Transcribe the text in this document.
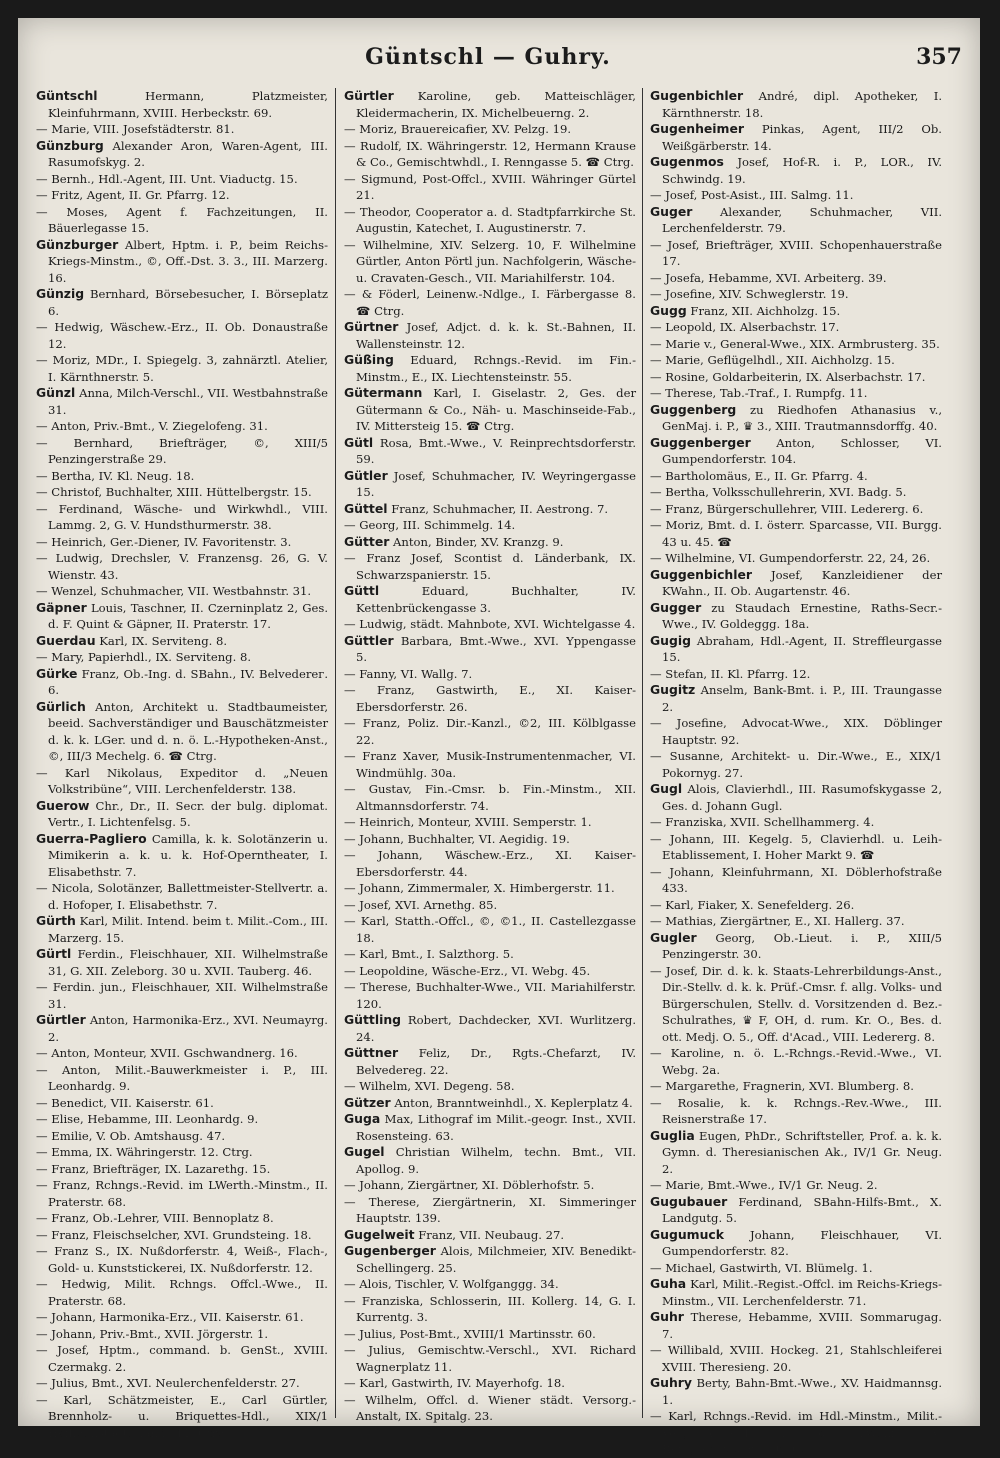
Güntschl — Guhry.	357

Güntschl	Hermann, Platzmeister, Kleinfuhrmann, XVIII. Herbeckstr. 69.

— Marie, VIII. Josefstädterstr. 81.

Günzburg Alexander Aron, Waren-Agent, III. Rasumofskyg. 2.

— Bernh., Hdl.-Agent, III. Unt. Viaductg. 15.

— Fritz, Agent, II. Gr. Pfarrg. 12.

— Moses, Agent f. Fachzeitungen, II. Bäuerlegasse 15.

Günzburger Albert, Hptm. i. P., beim Reichs-Kriegs-Minstm., ©, Off.-Dst. 3. 3., III. Marzerg. 16.

Günzig Bernhard, Börsebesucher, I. Börseplatz 6.

— Hedwig, Wäschew.-Erz., II. Ob. Donaustraße 12.

— Moriz, MDr., I. Spiegelg. 3, zahnärztl. Atelier, I. Kärnthnerstr. 5.

Günzl Anna, Milch-Verschl., VII. Westbahnstraße 31.

— Anton, Priv.-Bmt., V. Ziegelofeng. 31.

— Bernhard, Briefträger, ©, XIII/5 Penzingerstraße 29.

— Bertha, IV. Kl. Neug. 18.

— Christof, Buchhalter, XIII. Hüttelbergstr. 15.

— Ferdinand, Wäsche- und Wirkwhdl., VIII. Lammg. 2, G. V. Hundsthurmerstr. 38.

— Heinrich, Ger.-Diener, IV. Favoritenstr. 3.

— Ludwig, Drechsler, V. Franzensg. 26, G. V. Wienstr. 43.

— Wenzel, Schuhmacher, VII. Westbahnstr. 31.

Gäpner Louis, Taschner, II. Czerninplatz 2, Ges. d. F. Quint & Gäpner, II. Praterstr. 17.

Guerdau Karl, IX. Serviteng. 8.

— Mary, Papierhdl., IX. Serviteng. 8.

Gürke Franz, Ob.-Ing. d. SBahn., IV. Belvederег. 6.

Gürlich Anton, Architekt u. Stadtbaumeister, beeid. Sachverständiger und Bauschätzmeister d. k. k. LGer. und d. n. ö. L.-Hypotheken-Anst., ©, III/3 Mechelg. 6. ☎ Ctrg.

— Karl Nikolaus, Expeditor d. „Neuen Volkstribüne“, VIII. Lerchenfelderstr. 138.

Guerow Chr., Dr., II. Secr. der bulg. diplomat. Vertr., I. Lichtenfelsg. 5.

Guerra-Pagliero Camilla, k. k. Solotänzerin u. Mimikerin a. k. u. k. Hof-Operntheater, I. Elisabethstr. 7.

— Nicola, Solotänzer, Ballettmeister-Stellvertr. a. d. Hofoper, I. Elisabethstr. 7.

Gürth Karl, Milit. Intend. beim t. Milit.-Com., III. Marzerg. 15.

Gürtl Ferdin., Fleischhauer, XII. Wilhelmstraße 31, G. XII. Zeleborg. 30 u. XVII. Tauberg. 46.

— Ferdin. jun., Fleischhauer, XII. Wilhelmstraße 31.

Gürtler Anton, Harmonika-Erz., XVI. Neumayrg. 2.

— Anton, Monteur, XVII. Gschwandnerg. 16.

— Anton, Milit.-Bauwerkmeister i. P., III. Leonhardg. 9.

— Benedict, VII. Kaiserstr. 61.

— Elise, Hebamme, III. Leonhardg. 9.

— Emilie, V. Ob. Amtshausg. 47.

— Emma, IX. Währingerstr. 12. Ctrg.

— Franz, Briefträger, IX. Lazarethg. 15.

— Franz, Rchngs.-Revid. im LWerth.-Minstm., II. Praterstr. 68.

— Franz, Ob.-Lehrer, VIII. Bennoplatz 8.

— Franz, Fleischselcher, XVI. Grundsteing. 18.

— Franz S., IX. Nußdorferstr. 4, Weiß-, Flach-, Gold- u. Kunststickerei, IX. Nußdorferstr. 12.

— Hedwig, Milit. Rchngs. Offcl.-Wwe., II. Praterstr. 68.

— Johann, Harmonika-Erz., VII. Kaiserstr. 61.

— Johann, Priv.-Bmt., XVII. Jörgerstr. 1.

— Josef, Hptm., command. b. GenSt., XVIII. Czermakg. 2.

— Julius, Bmt., XVI. Neulerchenfelderstr. 27.

— Karl, Schätzmeister, E., Carl Gürtler, Brennholz- u. Briquettes-Hdl., XIX/1 Heiligenstädterlände 11. Ctrg.

Gürtler Karoline, geb. Matteischläger, Kleidermacherin, IX. Michelbeuerng. 2.

— Moriz, Brauereicafier, XV. Pelzg. 19.

— Rudolf, IX. Währingerstr. 12, Hermann Krause & Co., Gemischtwhdl., I. Renngasse 5. ☎ Ctrg.

— Sigmund, Post-Offcl., XVIII. Währinger Gürtel 21.

— Theodor, Cooperator a. d. Stadtpfarrkirche St. Augustin, Katechet, I. Augustinerstr. 7.

— Wilhelmine, XIV. Selzerg. 10, F. Wilhelmine Gürtler, Anton Pörtl jun. Nachfolgerin, Wäsche- u. Cravaten-Gesch., VII. Mariahilferstr. 104.

— & Föderl, Leinenw.-Ndlge., I. Färbergasse 8. ☎ Ctrg.

Gürtner Josef, Adjct. d. k. k. St.-Bahnen, II. Wallensteinstr. 12.

Güßing Eduard, Rchngs.-Revid. im Fin.-Minstm., E., IX. Liechtensteinstr. 55.

Gütermann Karl, I. Giselastr. 2, Ges. der Gütermann & Co., Näh- u. Maschinseide-Fab., IV. Mittersteig 15. ☎ Ctrg.

Gütl Rosa, Bmt.-Wwe., V. Reinprechtsdorferstr. 59.

Gütler Josef, Schuhmacher, IV. Weyringergasse 15.

Güttel Franz, Schuhmacher, II. Aestrong. 7.

— Georg, III. Schimmelg. 14.

Gütter Anton, Binder, XV. Kranzg. 9.

— Franz Josef, Scontist d. Länderbank, IX. Schwarzspanierstr. 15.

Güttl	Eduard, Buchhalter, IV. Kettenbrückengasse 3.

— Ludwig, städt. Mahnbote, XVI. Wichtelgasse 4.

Güttler Barbara, Bmt.-Wwe., XVI. Yppengasse 5.

— Fanny, VI. Wallg. 7.

— Franz, Gastwirth, E., XI. Kaiser-Ebersdorferstr. 26.

— Franz, Poliz. Dir.-Kanzl., ©2, III. Kölblgasse 22.

— Franz Xaver, Musik-Instrumentenmacher, VI. Windmühlg. 30a.

— Gustav, Fin.-Cmsr. b. Fin.-Minstm., XII. Altmannsdorferstr. 74.

— Heinrich, Monteur, XVIII. Semperstr. 1.

— Johann, Buchhalter, VI. Aegidig. 19.

— Johann, Wäschew.-Erz., XI. Kaiser-Ebersdorferstr. 44.

— Johann, Zimmermaler, X. Himbergerstr. 11.

— Josef, XVI. Arnethg. 85.

— Karl, Statth.-Offcl., ©, ©1., II. Castellezgasse 18.

— Karl, Bmt., I. Salzthorg. 5.

— Leopoldine, Wäsche-Erz., VI. Webg. 45.

— Therese, Buchhalter-Wwe., VII. Mariahilferstr. 120.

Güttling Robert, Dachdecker, XVI. Wurlitzerg. 24.

Güttner Feliz, Dr., Rgts.-Chefarzt, IV. Belvedereg. 22.

— Wilhelm, XVI. Degeng. 58.

Gützer Anton, Branntweinhdl., X. Keplerplatz 4.

Guga Max, Lithograf im Milit.-geogr. Inst., XVII. Rosensteing. 63.

Gugel Christian Wilhelm, techn. Bmt., VII. Apollog. 9.

— Johann, Ziergärtner, XI. Döblerhofstr. 5.

— Therese, Ziergärtnerin, XI. Simmeringer Hauptstr. 139.

Gugelweit Franz, VII. Neubaug. 27.

Gugenberger Alois, Milchmeier, XIV. Benedikt-Schellingerg. 25.

— Alois, Tischler, V. Wolfganggg. 34.

— Franziska, Schlosserin, III. Kollerg. 14, G. I. Kurrentg. 3.

— Julius, Post-Bmt., XVIII/1 Martinsstr. 60.

— Julius, Gemischtw.-Verschl., XVI. Richard Wagnerplatz 11.

— Karl, Gastwirth, IV. Mayerhofg. 18.

— Wilhelm, Offcl. d. Wiener städt. Versorg.-Anstalt, IX. Spitalg. 23.

Gugenbichler André, dipl. Apotheker, I. Kärnthnerstr. 18.

Gugenheimer Pinkas, Agent, III/2 Ob. Weißgärberstr. 14.

Gugenmos Josef, Hof-R. i. P., LOR., IV. Schwindg. 19.

— Josef, Post-Asist., III. Salmg. 11.

Guger Alexander, Schuhmacher, VII. Lerchenfelderstr. 79.

— Josef, Briefträger, XVIII. Schopenhauerstraße 17.

— Josefa, Hebamme, XVI. Arbeiterg. 39.

— Josefine, XIV. Schweglerstr. 19.

Gugg Franz, XII. Aichholzg. 15.

— Leopold, IX. Alserbachstr. 17.

— Marie v., General-Wwe., XIX. Armbrusterg. 35.

— Marie, Geflügelhdl., XII. Aichholzg. 15.

— Rosine, Goldarbeiterin, IX. Alserbachstr. 17.

— Therese, Tab.-Traf., I. Rumpfg. 11.

Guggenberg zu Riedhofen Athanasius v., GenMaj. i. P., ♛ 3., XIII. Trautmannsdorffg. 40.

Guggenberger Anton, Schlosser, VI. Gumpendorferstr. 104.

— Bartholomäus, E., II. Gr. Pfarrg. 4.

— Bertha, Volksschullehrerin, XVI. Badg. 5.

— Franz, Bürgerschullehrer, VIII. Ledererg. 6.

— Moriz, Bmt. d. I. österr. Sparcasse, VII. Burgg. 43 u. 45. ☎

— Wilhelmine, VI. Gumpendorferstr. 22, 24, 26.

Guggenbichler Josef, Kanzleidiener der KWahn., II. Ob. Augartenstr. 46.

Gugger zu Staudach Ernestine, Raths-Secr.-Wwe., IV. Goldeggg. 18a.

Gugig Abraham, Hdl.-Agent, II. Streffleurgasse 15.

— Stefan, II. Kl. Pfarrg. 12.

Gugitz Anselm, Bank-Bmt. i. P., III. Traungasse 2.

— Josefine, Advocat-Wwe., XIX. Döblinger Hauptstr. 92.

— Susanne, Architekt- u. Dir.-Wwe., E., XIX/1 Pokornyg. 27.

Gugl Alois, Clavierhdl., III. Rasumofskygasse 2, Ges. d. Johann Gugl.

— Franziska, XVII. Schellhammerg. 4.

— Johann, III. Kegelg. 5, Clavierhdl. u. Leih-Etablissement, I. Hoher Markt 9. ☎

— Johann, Kleinfuhrmann, XI. Döblerhofstraße 433.

— Karl, Fiaker, X. Senefelderg. 26.

— Mathias, Ziergärtner, E., XI. Hallerg. 37.

Gugler Georg, Ob.-Lieut. i. P., XIII/5 Penzingerstr. 30.

— Josef, Dir. d. k. k. Staats-Lehrerbildungs-Anst., Dir.-Stellv. d. k. k. Prüf.-Cmsr. f. allg. Volks- und Bürgerschulen, Stellv. d. Vorsitzenden d. Bez.-Schulrathes, ♛ F, OH, d. rum. Kr. O., Bes. d. ott. Medj. O. 5., Off. d'Acad., VIII. Ledererg. 8.

— Karoline, n. ö. L.-Rchngs.-Revid.-Wwe., VI. Webg. 2a.

— Margarethe, Fragnerin, XVI. Blumberg. 8.

— Rosalie, k. k. Rchngs.-Rev.-Wwe., III. Reisnerstraße 17.

Guglia Eugen, PhDr., Schriftsteller, Prof. a. k. k. Gymn. d. Theresianischen Ak., IV/1 Gr. Neug. 2.

— Marie, Bmt.-Wwe., IV/1 Gr. Neug. 2.

Gugubauer Ferdinand, SBahn-Hilfs-Bmt., X. Landgutg. 5.

Gugumuck Johann, Fleischhauer, VI. Gumpendorferstr. 82.

— Michael, Gastwirth, VI. Blümelg. 1.

Guha Karl, Milit.-Regist.-Offcl. im Reichs-Kriegs-Minstm., VII. Lerchenfelderstr. 71.

Guhr Therese, Hebamme, XVIII. Sommarugag. 7.

— Willibald, XVIII. Hockeg. 21, Stahlschleiferei XVIII. Theresieng. 20.

Guhry Berty, Bahn-Bmt.-Wwe., XV. Haidmannsg. 1.

— Karl, Rchngs.-Revid. im Hdl.-Minstm., Milit.-Verpfl.-Accessl. i. d. LWehr., V. Reinprechtsdorferstr. 62.
